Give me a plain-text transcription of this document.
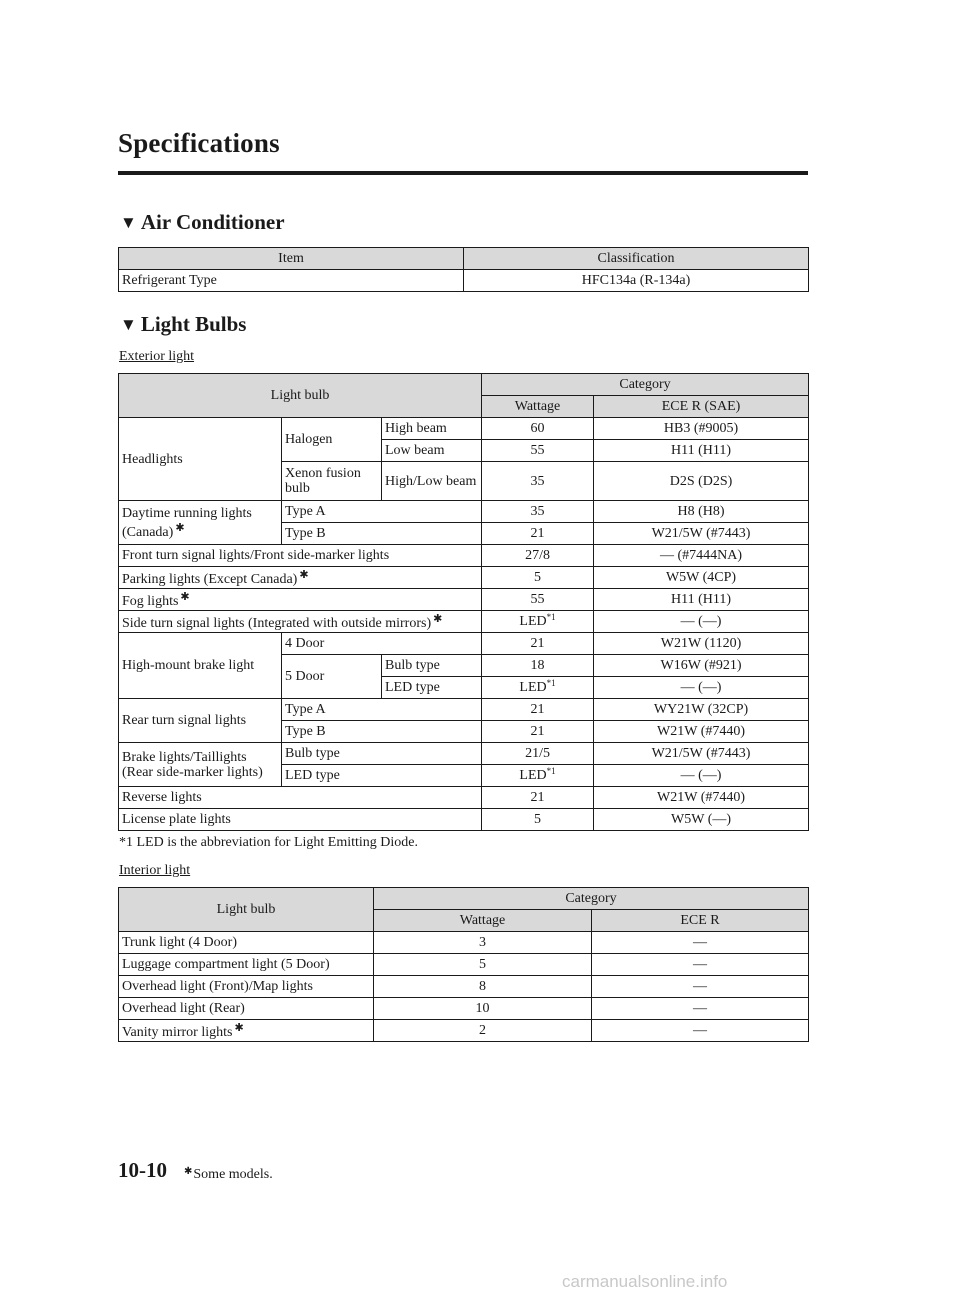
Specifications
▼ Air Conditioner
Item	Classification
Refrigerant Type	HFC134a (R-134a)
▼ Light Bulbs
Exterior light
Light bulb			Category	
			Wattage	ECE R (SAE)
Headlights	Halogen	High beam	60	HB3 (#9005)
		Low beam	55	H11 (H11)
	Xenon fusion bulb	High/Low beam	35	D2S (D2S)
Daytime running lights (Canada) ✱	Type A		35	H8 (H8)
	Type B		21	W21/5W (#7443)
Front turn signal lights/Front side-marker lights			27/8	— (#7444NA)
Parking lights (Except Canada) ✱			5	W5W (4CP)
Fog lights ✱			55	H11 (H11)
Side turn signal lights (Integrated with outside mirrors) ✱			LED$^{*1}$	— (—)
High-mount brake light	4 Door		21	W21W (1120)
	5 Door	Bulb type	18	W16W (#921)
		LED type	LED$^{*1}$	— (—)
Rear turn signal lights	Type A		21	WY21W (32CP)
	Type B		21	W21W (#7440)
Brake lights/Taillights
(Rear side-marker lights)	Bulb type		21/5	W21/5W (#7443)
	LED type		LED$^{*1}$	— (—)
Reverse lights			21	W21W (#7440)
License plate lights			5	W5W (—)
*1 LED is the abbreviation for Light Emitting Diode.
Interior light
Light bulb	Category	
	Wattage	ECE R
Trunk light (4 Door)	3	—
Luggage compartment light (5 Door)	5	—
Overhead light (Front)/Map lights	8	—
Overhead light (Rear)	10	—
Vanity mirror lights ✱	2	—
10-10 ✱Some models.
carmanualsonline.info
